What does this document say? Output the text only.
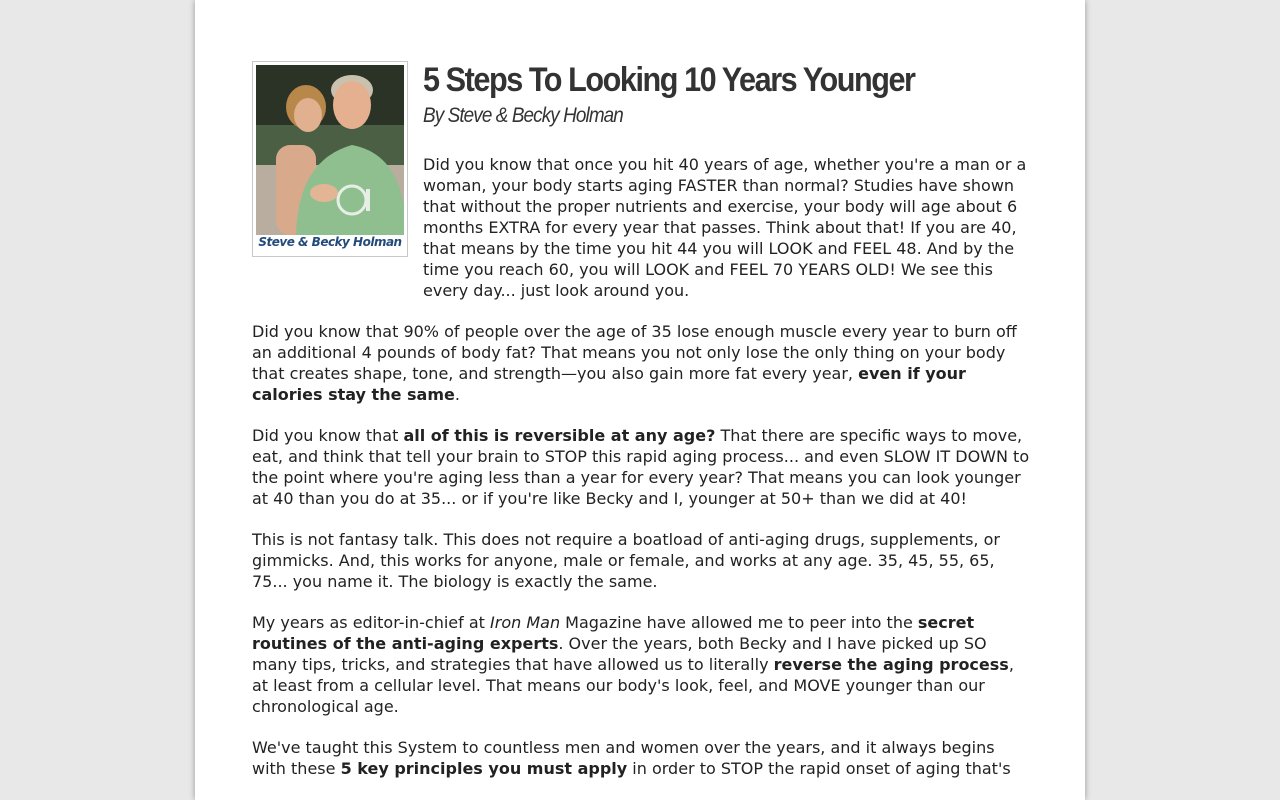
Steve & Becky Holman
5 Steps To Looking 10 Years Younger
By Steve & Becky Holman
Did you know that once you hit 40 years of age, whether you're a man or a woman, your body starts aging FASTER than normal? Studies have shown that without the proper nutrients and exercise, your body will age about 6 months EXTRA for every year that passes. Think about that! If you are 40, that means by the time you hit 44 you will LOOK and FEEL 48. And by the time you reach 60, you will LOOK and FEEL 70 YEARS OLD! We see this every day... just look around you.

Did you know that 90% of people over the age of 35 lose enough muscle every year to burn off an additional 4 pounds of body fat? That means you not only lose the only thing on your body that creates shape, tone, and strength—you also gain more fat every year, even if your calories stay the same.

Did you know that all of this is reversible at any age? That there are specific ways to move, eat, and think that tell your brain to STOP this rapid aging process... and even SLOW IT DOWN to the point where you're aging less than a year for every year? That means you can look younger at 40 than you do at 35... or if you're like Becky and I, younger at 50+ than we did at 40!

This is not fantasy talk. This does not require a boatload of anti-aging drugs, supplements, or gimmicks. And, this works for anyone, male or female, and works at any age. 35, 45, 55, 65, 75... you name it. The biology is exactly the same.

My years as editor-in-chief at Iron Man Magazine have allowed me to peer into the secret routines of the anti-aging experts. Over the years, both Becky and I have picked up SO many tips, tricks, and strategies that have allowed us to literally reverse the aging process, at least from a cellular level. That means our body's look, feel, and MOVE younger than our chronological age.

We've taught this System to countless men and women over the years, and it always begins with these 5 key principles you must apply in order to STOP the rapid onset of aging that's
